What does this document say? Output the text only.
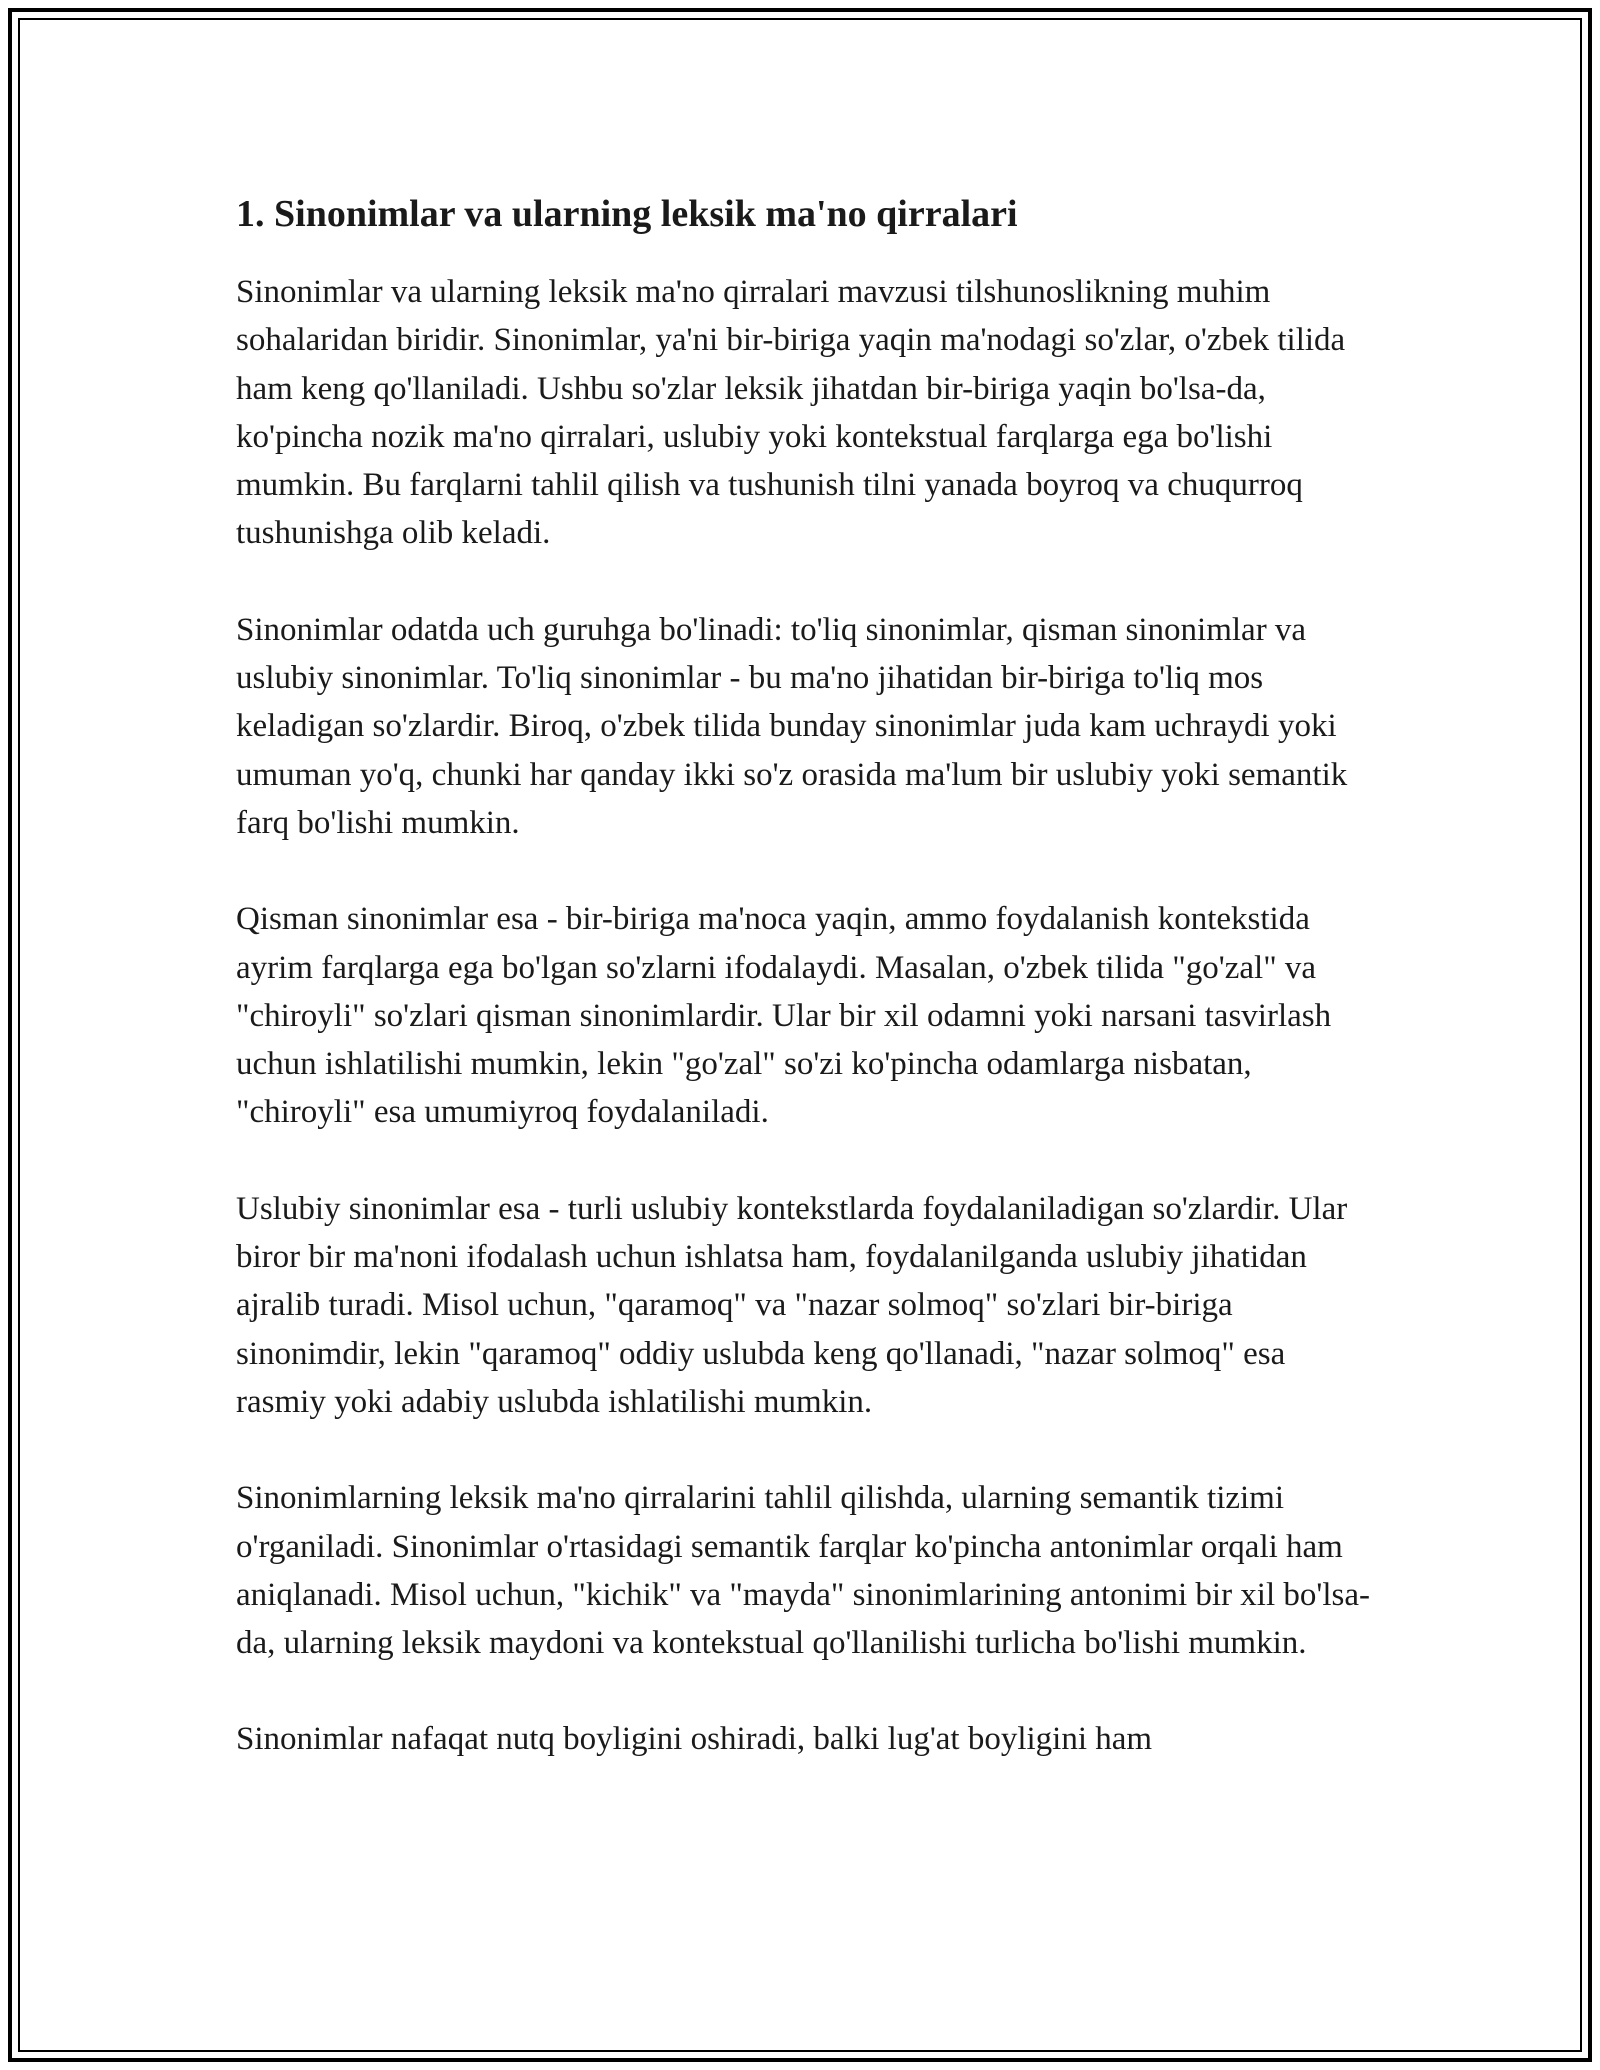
1. Sinonimlar va ularning leksik ma'no qirralari

Sinonimlar va ularning leksik ma'no qirralari mavzusi tilshunoslikning muhim sohalaridan biridir. Sinonimlar, ya'ni bir-biriga yaqin ma'nodagi so'zlar, o'zbek tilida ham keng qo'llaniladi. Ushbu so'zlar leksik jihatdan bir-biriga yaqin bo'lsa-da, ko'pincha nozik ma'no qirralari, uslubiy yoki kontekstual farqlarga ega bo'lishi mumkin. Bu farqlarni tahlil qilish va tushunish tilni yanada boyroq va chuqurroq tushunishga olib keladi.

Sinonimlar odatda uch guruhga bo'linadi: to'liq sinonimlar, qisman sinonimlar va uslubiy sinonimlar. To'liq sinonimlar - bu ma'no jihatidan bir-biriga to'liq mos keladigan so'zlardir. Biroq, o'zbek tilida bunday sinonimlar juda kam uchraydi yoki umuman yo'q, chunki har qanday ikki so'z orasida ma'lum bir uslubiy yoki semantik farq bo'lishi mumkin.

Qisman sinonimlar esa - bir-biriga ma'noca yaqin, ammo foydalanish kontekstida ayrim farqlarga ega bo'lgan so'zlarni ifodalaydi. Masalan, o'zbek tilida "go'zal" va "chiroyli" so'zlari qisman sinonimlardir. Ular bir xil odamni yoki narsani tasvirlash uchun ishlatilishi mumkin, lekin "go'zal" so'zi ko'pincha odamlarga nisbatan, "chiroyli" esa umumiyroq foydalaniladi.

Uslubiy sinonimlar esa - turli uslubiy kontekstlarda foydalaniladigan so'zlardir. Ular biror bir ma'noni ifodalash uchun ishlatsa ham, foydalanilganda uslubiy jihatidan ajralib turadi. Misol uchun, "qaramoq" va "nazar solmoq" so'zlari bir-biriga sinonimdir, lekin "qaramoq" oddiy uslubda keng qo'llanadi, "nazar solmoq" esa rasmiy yoki adabiy uslubda ishlatilishi mumkin.

Sinonimlarning leksik ma'no qirralarini tahlil qilishda, ularning semantik tizimi o'rganiladi. Sinonimlar o'rtasidagi semantik farqlar ko'pincha antonimlar orqali ham aniqlanadi. Misol uchun, "kichik" va "mayda" sinonimlarining antonimi bir xil bo'lsa-da, ularning leksik maydoni va kontekstual qo'llanilishi turlicha bo'lishi mumkin.

Sinonimlar nafaqat nutq boyligini oshiradi, balki lug'at boyligini ham
